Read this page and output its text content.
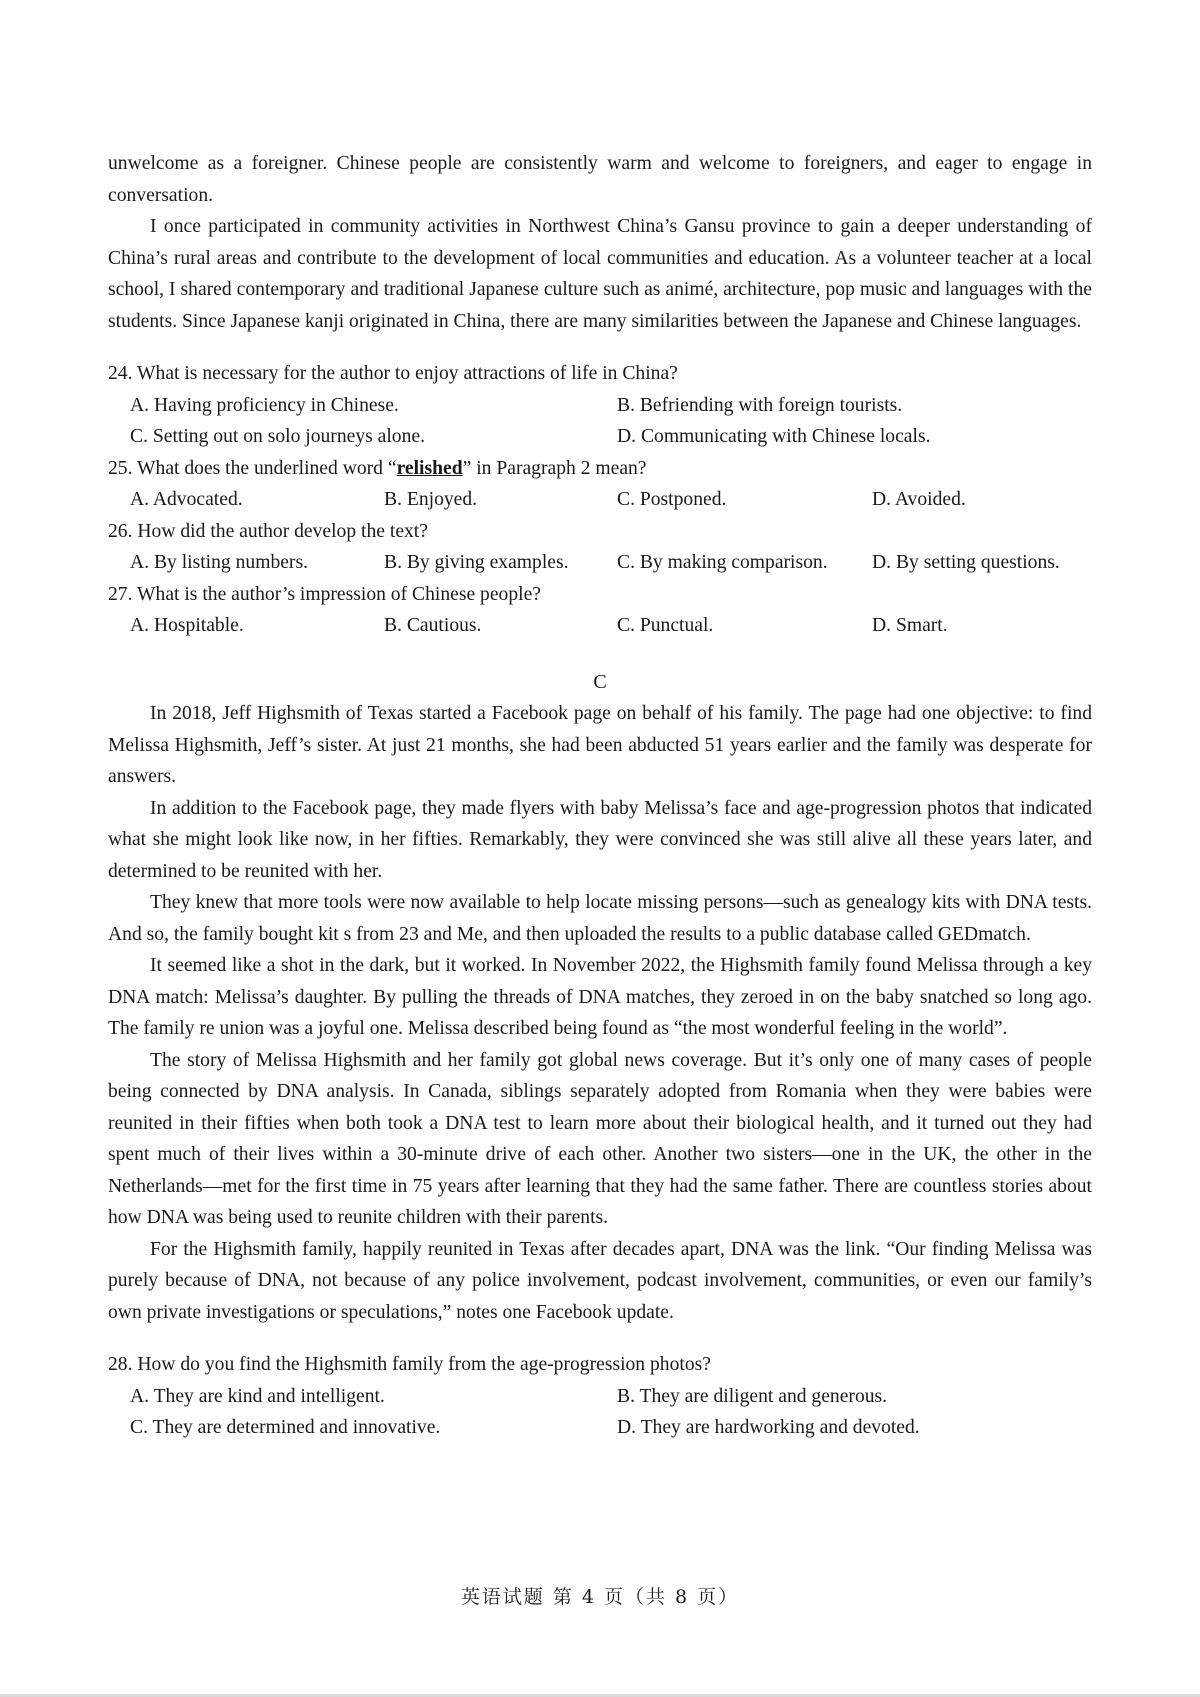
unwelcome as a foreigner. Chinese people are consistently warm and welcome to foreigners, and eager to engage in conversation.

I once participated in community activities in Northwest China’s Gansu province to gain a deeper understanding of China’s rural areas and contribute to the development of local communities and education. As a volunteer teacher at a local school, I shared contemporary and traditional Japanese culture such as animé, architecture, pop music and languages with the students. Since Japanese kanji originated in China, there are many similarities between the Japanese and Chinese languages.

24. What is necessary for the author to enjoy attractions of life in China?

A. Having proficiency in Chinese.	B. Befriending with foreign tourists.
C. Setting out on solo journeys alone.	D. Communicating with Chinese locals.

25. What does the underlined word “relished” in Paragraph 2 mean?

A. Advocated.	B. Enjoyed.	C. Postponed.	D. Avoided.

26. How did the author develop the text?

A. By listing numbers.	B. By giving examples.	C. By making comparison.	D. By setting questions.

27. What is the author’s impression of Chinese people?

A. Hospitable.	B. Cautious.	C. Punctual.	D. Smart.

C

In 2018, Jeff Highsmith of Texas started a Facebook page on behalf of his family. The page had one objective: to find Melissa Highsmith, Jeff’s sister. At just 21 months, she had been abducted 51 years earlier and the family was desperate for answers.

In addition to the Facebook page, they made flyers with baby Melissa’s face and age-progression photos that indicated what she might look like now, in her fifties. Remarkably, they were convinced she was still alive all these years later, and determined to be reunited with her.

They knew that more tools were now available to help locate missing persons—such as genealogy kits with DNA tests. And so, the family bought kit s from 23 and Me, and then uploaded the results to a public database called GEDmatch.

It seemed like a shot in the dark, but it worked. In November 2022, the Highsmith family found Melissa through a key DNA match: Melissa’s daughter. By pulling the threads of DNA matches, they zeroed in on the baby snatched so long ago. The family re union was a joyful one. Melissa described being found as “the most wonderful feeling in the world”.

The story of Melissa Highsmith and her family got global news coverage. But it’s only one of many cases of people being connected by DNA analysis. In Canada, siblings separately adopted from Romania when they were babies were reunited in their fifties when both took a DNA test to learn more about their biological health, and it turned out they had spent much of their lives within a 30-minute drive of each other. Another two sisters—one in the UK, the other in the Netherlands—met for the first time in 75 years after learning that they had the same father. There are countless stories about how DNA was being used to reunite children with their parents.

For the Highsmith family, happily reunited in Texas after decades apart, DNA was the link. “Our finding Melissa was purely because of DNA, not because of any police involvement, podcast involvement, communities, or even our family’s own private investigations or speculations,” notes one Facebook update.

28. How do you find the Highsmith family from the age-progression photos?

A. They are kind and intelligent.	B. They are diligent and generous.
C. They are determined and innovative.	D. They are hardworking and devoted.
英语试题 第 4 页（共 8 页）
